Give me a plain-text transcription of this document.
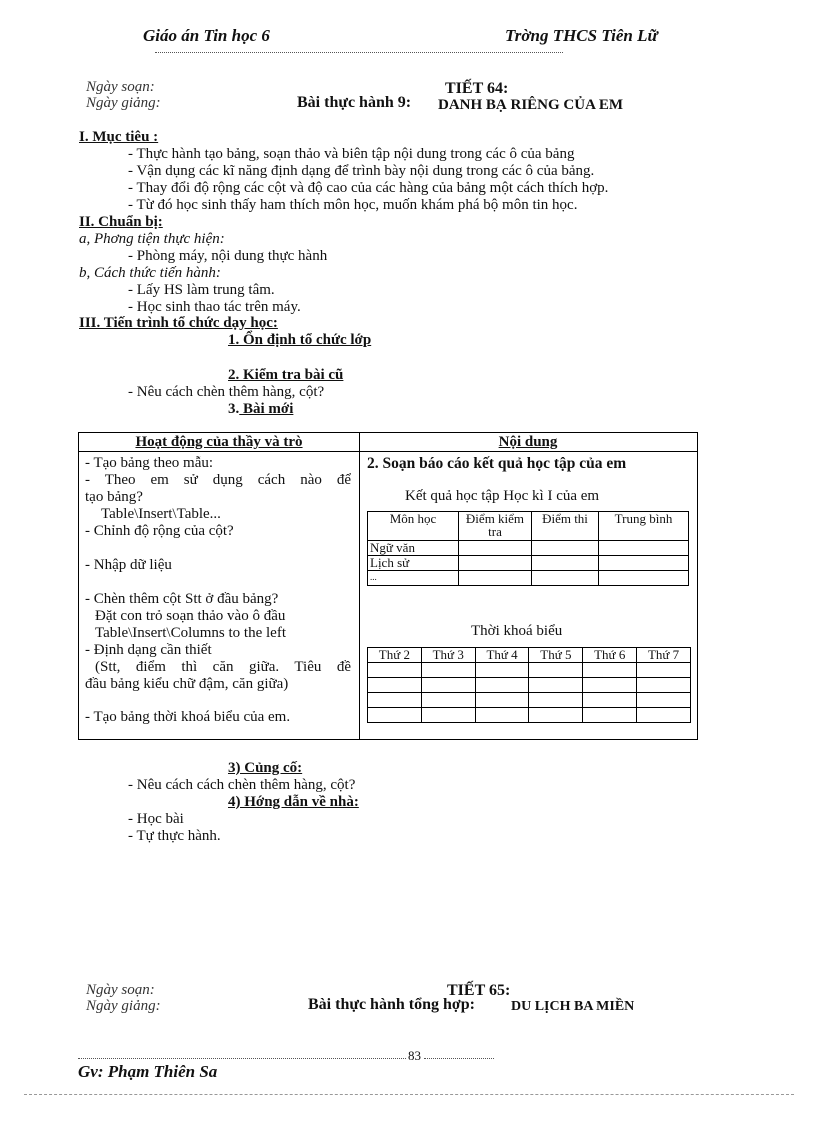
Giáo án Tin học 6	Trờng THCS Tiên Lữ
Ngày soạn:
Ngày giảng:
TIẾT 64:
Bài thực hành 9: DANH BẠ RIÊNG CỦA EM
I. Mục tiêu :
- Thực hành tạo bảng, soạn thảo và biên tập nội dung trong các ô của bảng
- Vận dụng các kĩ năng định dạng để trình bày nội dung trong các ô của bảng.
- Thay đổi độ rộng các cột và độ cao của các hàng của bảng một cách thích hợp.
- Từ đó học sinh thấy ham thích môn học, muốn khám phá bộ môn tin học.
II. Chuẩn bị:
a, Phơng tiện thực hiện:
- Phòng máy, nội dung thực hành
b, Cách thức tiến hành:
- Lấy HS làm trung tâm.
- Học sinh thao tác trên máy.
III. Tiến trình tổ chức dạy học:
1. Ổn định tổ chức lớp
2. Kiểm tra bài cũ
- Nêu cách chèn thêm hàng, cột?
3. Bài mới
Hoạt động của thầy và trò	Nội dung
- Tạo bảng theo mẫu:
- Theo em sử dụng cách nào để
tạo bảng?
Table\Insert\Table...
- Chỉnh độ rộng của cột?
- Nhập dữ liệu
- Chèn thêm cột Stt ở đầu bảng?
Đặt con trỏ soạn thảo vào ô đầu
Table\Insert\Columns to the left
- Định dạng cần thiết
(Stt, điểm thì căn giữa. Tiêu đề
đầu bảng kiểu chữ đậm, căn giữa)
- Tạo bảng thời khoá biểu của em.
2. Soạn báo cáo kết quả học tập của em
Kết quả học tập Học kì I của em
Môn học	Điểm kiểm tra	Điểm thi	Trung bình
Ngữ văn			
Lịch sử			
...			
Thời khoá biểu
Thứ 2	Thứ 3	Thứ 4	Thứ 5	Thứ 6	Thứ 7

3) Củng cố:
- Nêu cách cách chèn thêm hàng, cột?
4) Hớng dẫn về nhà:
- Học bài
- Tự thực hành.
Ngày soạn:
Ngày giảng:
TIẾT 65:
Bài thực hành tổng hợp:	DU LỊCH BA MIỀN
83
Gv: Phạm Thiên Sa
